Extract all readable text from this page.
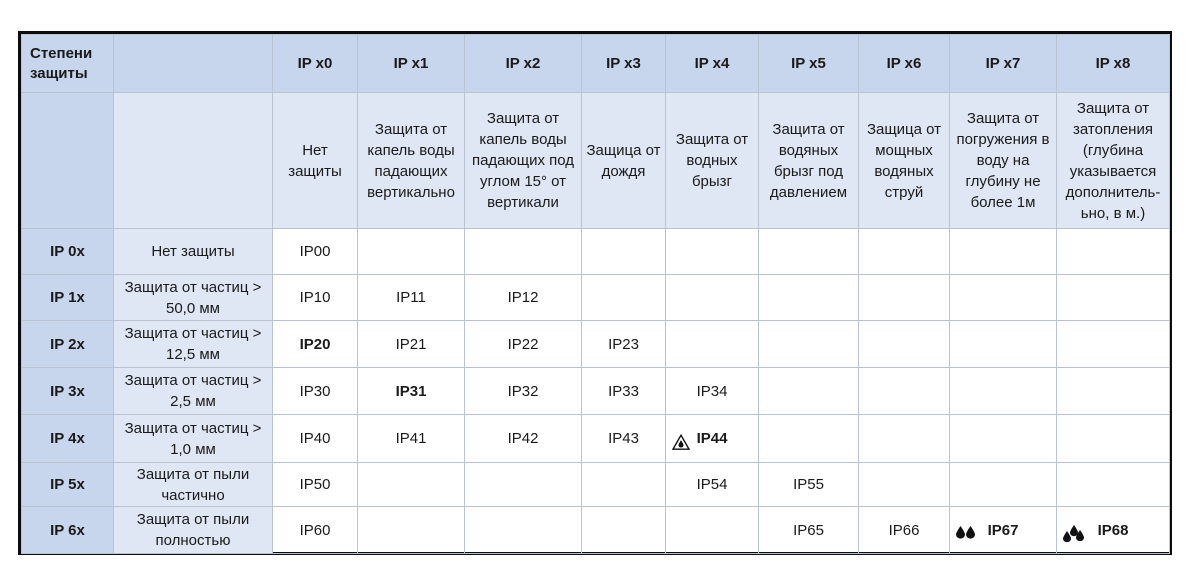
Степени защиты		IP x0	IP x1	IP x2	IP x3	IP x4	IP x5	IP x6	IP x7	IP x8
		Нет защиты	Защита от капель воды падающих вертикально	Защита от капель воды падающих под углом 15° от вертикали	Защица от дождя	Защита от водных брызг	Защита от водяных брызг под давлением	Защица от мощных водяных струй	Защита от погружения в воду на глубину не более 1м	Защита от затопления (глубина указывается дополнитель-ьно, в м.)
IP 0x	Нет защиты	IP00								
IP 1x	Защита от частиц > 50,0 мм	IP10	IP11	IP12						
IP 2x	Защита от частиц > 12,5 мм	IP20	IP21	IP22	IP23					
IP 3x	Защита от частиц > 2,5 мм	IP30	IP31	IP32	IP33	IP34				
IP 4x	Защита от частиц > 1,0 мм	IP40	IP41	IP42	IP43	IP44				
IP 5x	Защита от пыли частично	IP50				IP54	IP55			
IP 6x	Защита от пыли полностью	IP60					IP65	IP66	IP67	IP68
